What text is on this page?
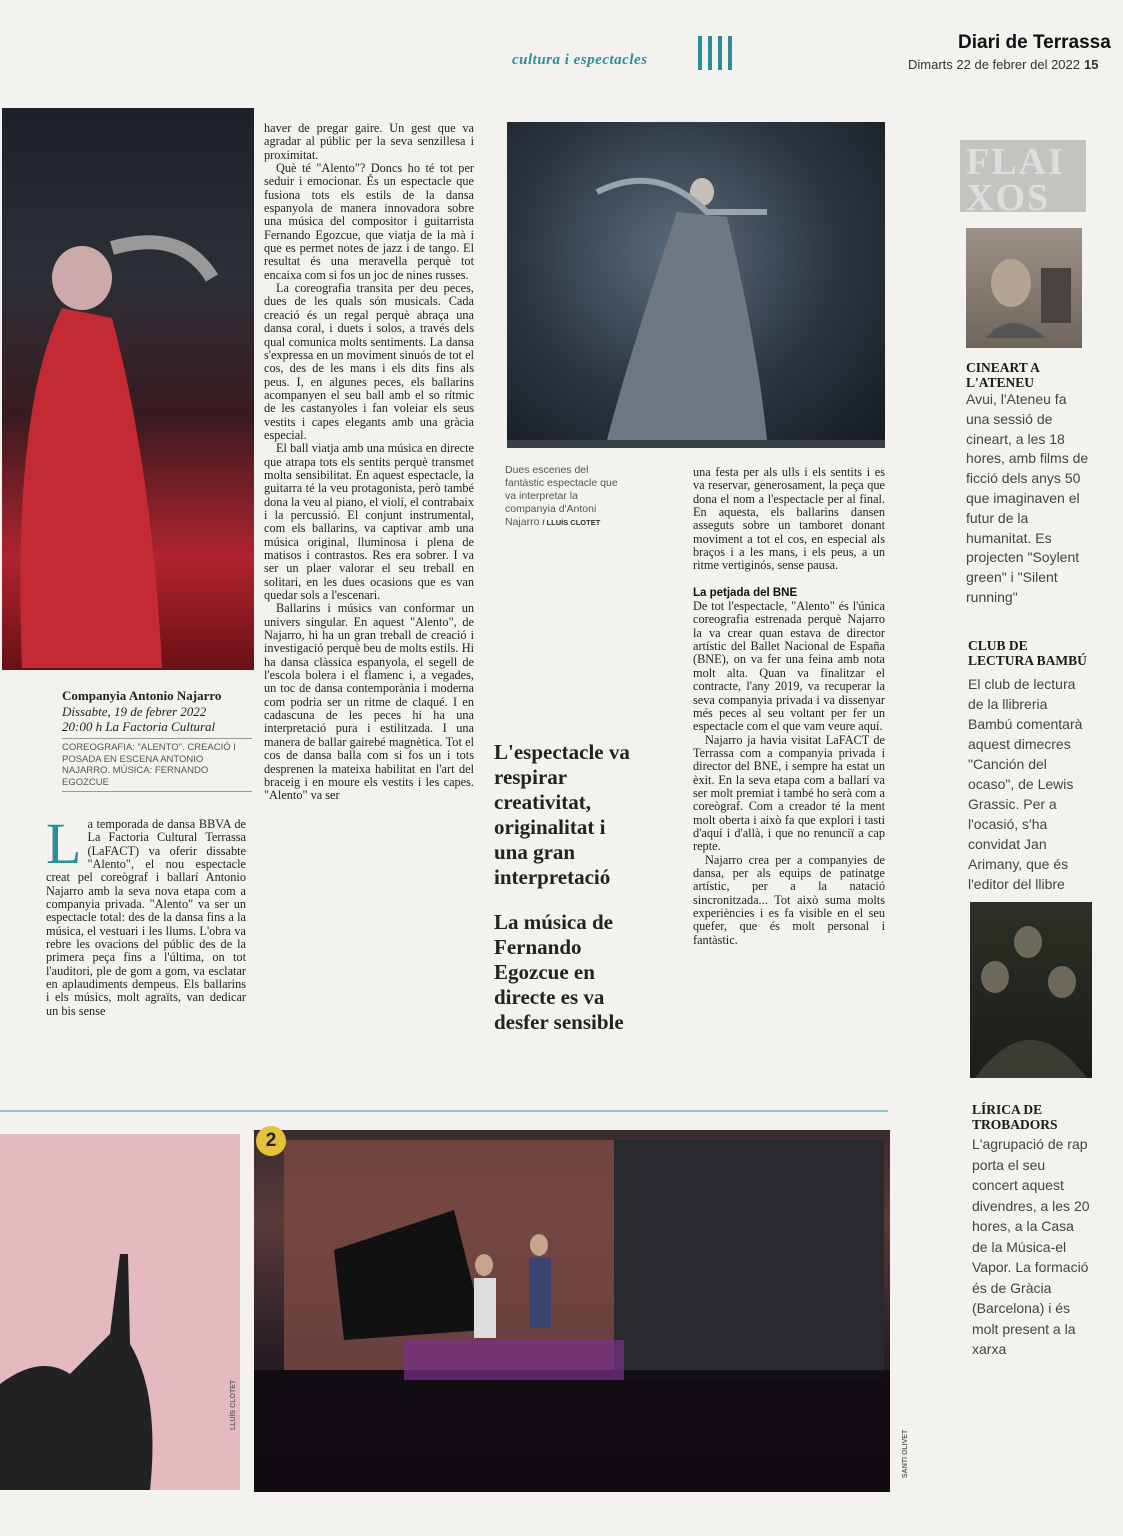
cultura i espectacles
Diari de Terrassa
Dimarts 22 de febrer del 2022 15
Companyia Antonio Najarro
Dissabte, 19 de febrer 2022
20:00 h La Factoria Cultural
COREOGRAFIA: "ALENTO". CREACIÓ I POSADA EN ESCENA ANTONIO NAJARRO. MÚSICA: FERNANDO EGOZCUE
L a temporada de dansa BBVA de La Factoria Cultural Terrassa (LaFACT) va oferir dissabte "Alento", el nou espectacle creat pel coreògraf i ballarí Antonio Najarro amb la seva nova etapa com a companyia privada. "Alento" va ser un espectacle total: des de la dansa fins a la música, el vestuari i les llums. L'obra va rebre les ovacions del públic des de la primera peça fins a l'última, on tot l'auditori, ple de gom a gom, va esclatar en aplaudiments dempeus. Els ballarins i els músics, molt agraïts, van dedicar un bis sense

haver de pregar gaire. Un gest que va agradar al públic per la seva senzillesa i proximitat.

Què té "Alento"? Doncs ho té tot per seduir i emocionar. És un espectacle que fusiona tots els estils de la dansa espanyola de manera innovadora sobre una música del compositor i guitarrista Fernando Egozcue, que viatja de la mà i que es permet notes de jazz i de tango. El resultat és una meravella perquè tot encaixa com si fos un joc de nines russes.

La coreografia transita per deu peces, dues de les quals són musicals. Cada creació és un regal perquè abraça una dansa coral, i duets i solos, a través dels qual comunica molts sentiments. La dansa s'expressa en un moviment sinuós de tot el cos, des de les mans i els dits fins als peus. I, en algunes peces, els ballarins acompanyen el seu ball amb el so rítmic de les castanyoles i fan voleiar els seus vestits i capes elegants amb una gràcia especial.

El ball viatja amb una música en directe que atrapa tots els sentits perquè transmet molta sensibilitat. En aquest espectacle, la guitarra té la veu protagonista, però també dona la veu al piano, el violí, el contrabaix i la percussió. El conjunt instrumental, com els ballarins, va captivar amb una música original, lluminosa i plena de matisos i contrastos. Res era sobrer. I va ser un plaer valorar el seu treball en solitari, en les dues ocasions que es van quedar sols a l'escenari.

Ballarins i músics van conformar un univers singular. En aquest "Alento", de Najarro, hi ha un gran treball de creació i investigació perquè beu de molts estils. Hi ha dansa clàssica espanyola, el segell de l'escola bolera i el flamenc i, a vegades, un toc de dansa contemporània i moderna com podria ser un ritme de claqué. I en cadascuna de les peces hi ha una interpretació pura i estilitzada. I una manera de ballar gairebé magnètica. Tot el cos de dansa balla com si fos un i tots desprenen la mateixa habilitat en l'art del braceig i en moure els vestits i les capes. "Alento" va ser

Dues escenes del fantàstic espectacle que va interpretar la companyia d'Antoni Najarro / LLUÍS CLOTET

una festa per als ulls i els sentits i es va reservar, generosament, la peça que dona el nom a l'espectacle per al final. En aquesta, els ballarins dansen asseguts sobre un tamboret donant moviment a tot el cos, en especial als braços i a les mans, i els peus, a un ritme vertiginós, sense pausa.

La petjada del BNE

De tot l'espectacle, "Alento" és l'única coreografia estrenada perquè Najarro la va crear quan estava de director artístic del Ballet Nacional de España (BNE), on va fer una feina amb nota molt alta. Quan va finalitzar el contracte, l'any 2019, va recuperar la seva companyia privada i va dissenyar més peces al seu voltant per fer un espectacle com el que vam veure aquí.

Najarro ja havia visitat LaFACT de Terrassa com a companyia privada i director del BNE, i sempre ha estat un èxit. En la seva etapa com a ballarí va ser molt premiat i també ho serà com a coreògraf. Com a creador té la ment molt oberta i això fa que explori i tasti d'aquí i d'allà, i que no renunciï a cap repte.

Najarro crea per a companyies de dansa, per als equips de patinatge artístic, per a la natació sincronitzada... Tot això suma molts experiències i es fa visible en el seu quefer, que és molt personal i fantàstic.

L'espectacle va respirar creativitat, originalitat i una gran interpretació
La música de Fernando Egozcue en directe es va desfer sensible
FLAI
XOS
CINEART A L'ATENEU
Avui, l'Ateneu fa una sessió de cineart, a les 18 hores, amb films de ficció dels anys 50 que imaginaven el futur de la humanitat. Es projecten "Soylent green" i "Silent running"
CLUB DE LECTURA BAMBÚ
El club de lectura de la llibreria Bambú comentarà aquest dimecres "Canción del ocaso", de Lewis Grassic. Per a l'ocasió, s'ha convidat Jan Arimany, que és l'editor del llibre
LÍRICA DE TROBADORS
L'agrupació de rap porta el seu concert aquest divendres, a les 20 hores, a la Casa de la Música-el Vapor. La formació és de Gràcia (Barcelona) i és molt present a la xarxa
LLUÍS CLOTET
2
SANTI OLIVET
